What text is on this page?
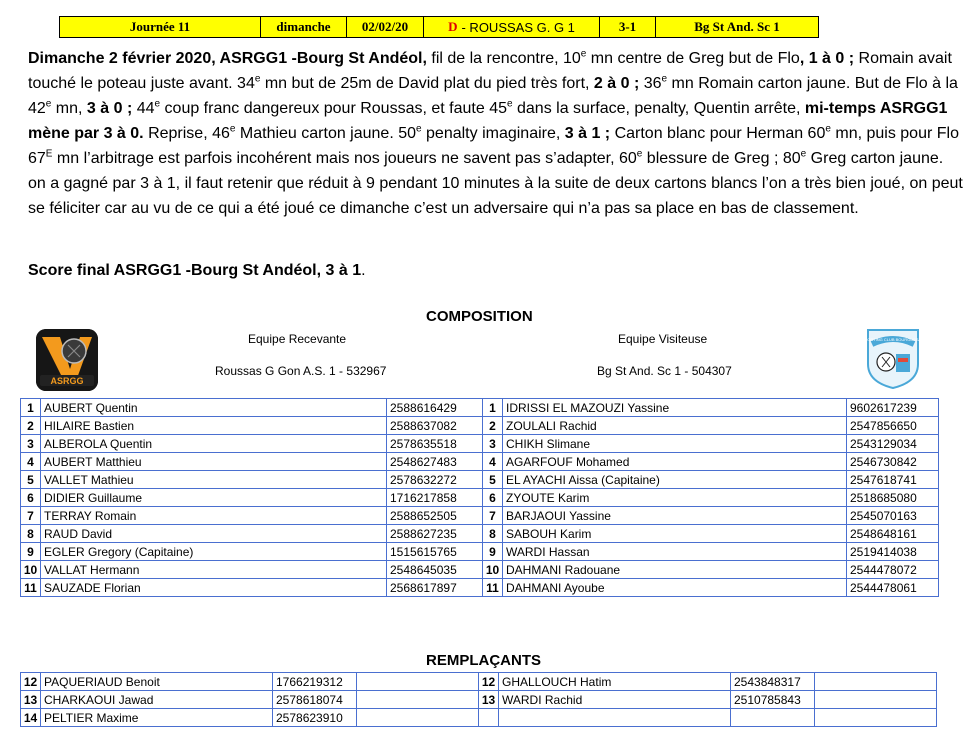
Journée 11	dimanche	02/02/20	D - ROUSSAS G. G 1	3-1	Bg St And. Sc 1

Dimanche 2 février 2020, ASRGG1 -Bourg St Andéol, fil de la rencontre, 10e mn centre de Greg but de Flo, 1 à 0 ; Romain avait touché le poteau juste avant. 34e mn but de 25m de David plat du pied très fort, 2 à 0 ; 36e mn Romain carton jaune. But de Flo à la 42e mn, 3 à 0 ; 44e coup franc dangereux pour Roussas, et faute 45e dans la surface, penalty, Quentin arrête, mi-temps ASRGG1 mène par 3 à 0. Reprise, 46e Mathieu carton jaune. 50e penalty imaginaire, 3 à 1 ; Carton blanc pour Herman 60e mn, puis pour Flo $67^E$ mn l’arbitrage est parfois incohérent mais nos joueurs ne savent pas s’adapter, 60e blessure de Greg ; 80e Greg carton jaune. on a gagné par 3 à 1, il faut retenir que réduit à 9 pendant 10 minutes à la suite de deux cartons blancs l’on a très bien joué, on peut se féliciter car au vu de ce qui a été joué ce dimanche c’est un adversaire qui n’a pas sa place en bas de classement.

Score final ASRGG1 -Bourg St Andéol, 3 à 1.
COMPOSITION
Equipe Recevante	Equipe Visiteuse
Roussas G Gon A.S. 1 - 532967	Bg St And. Sc 1 - 504307
ASRGG
SPORTING CLUB BOURGUESAN
1	AUBERT Quentin	2588616429	1	IDRISSI EL MAZOUZI Yassine	9602617239
2	HILAIRE Bastien	2588637082	2	ZOULALI Rachid	2547856650
3	ALBEROLA Quentin	2578635518	3	CHIKH Slimane	2543129034
4	AUBERT Matthieu	2548627483	4	AGARFOUF Mohamed	2546730842
5	VALLET Mathieu	2578632272	5	EL AYACHI Aissa (Capitaine)	2547618741
6	DIDIER Guillaume	1716217858	6	ZYOUTE Karim	2518685080
7	TERRAY Romain	2588652505	7	BARJAOUI Yassine	2545070163
8	RAUD David	2588627235	8	SABOUH Karim	2548648161
9	EGLER Gregory (Capitaine)	1515615765	9	WARDI Hassan	2519414038
10	VALLAT Hermann	2548645035	10	DAHMANI Radouane	2544478072
11	SAUZADE Florian	2568617897	11	DAHMANI Ayoube	2544478061
REMPLAÇANTS
12	PAQUERIAUD Benoit	1766219312		12	GHALLOUCH Hatim	2543848317	
13	CHARKAOUI Jawad	2578618074		13	WARDI Rachid	2510785843	
14	PELTIER Maxime	2578623910					
